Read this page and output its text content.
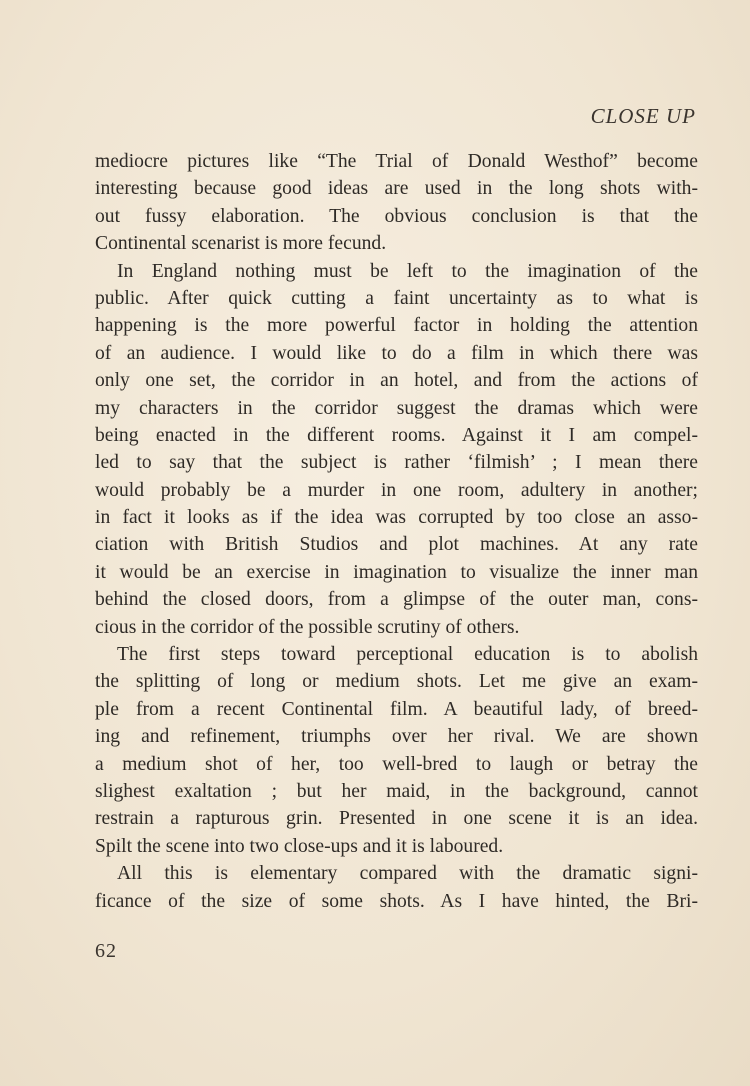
CLOSE UP
mediocre pictures like “The Trial of Donald Westhof” become
interesting because good ideas are used in the long shots with-
out fussy elaboration. The obvious conclusion is that the
Continental scenarist is more fecund.
In England nothing must be left to the imagination of the
public. After quick cutting a faint uncertainty as to what is
happening is the more powerful factor in holding the attention
of an audience. I would like to do a film in which there was
only one set, the corridor in an hotel, and from the actions of
my characters in the corridor suggest the dramas which were
being enacted in the different rooms. Against it I am compel-
led to say that the subject is rather ‘filmish’ ; I mean there
would probably be a murder in one room, adultery in another;
in fact it looks as if the idea was corrupted by too close an asso-
ciation with British Studios and plot machines. At any rate
it would be an exercise in imagination to visualize the inner man
behind the closed doors, from a glimpse of the outer man, cons-
cious in the corridor of the possible scrutiny of others.
The first steps toward perceptional education is to abolish
the splitting of long or medium shots. Let me give an exam-
ple from a recent Continental film. A beautiful lady, of breed-
ing and refinement, triumphs over her rival. We are shown
a medium shot of her, too well-bred to laugh or betray the
slighest exaltation ; but her maid, in the background, cannot
restrain a rapturous grin. Presented in one scene it is an idea.
Spilt the scene into two close-ups and it is laboured.
All this is elementary compared with the dramatic signi-
ficance of the size of some shots. As I have hinted, the Bri-
62
